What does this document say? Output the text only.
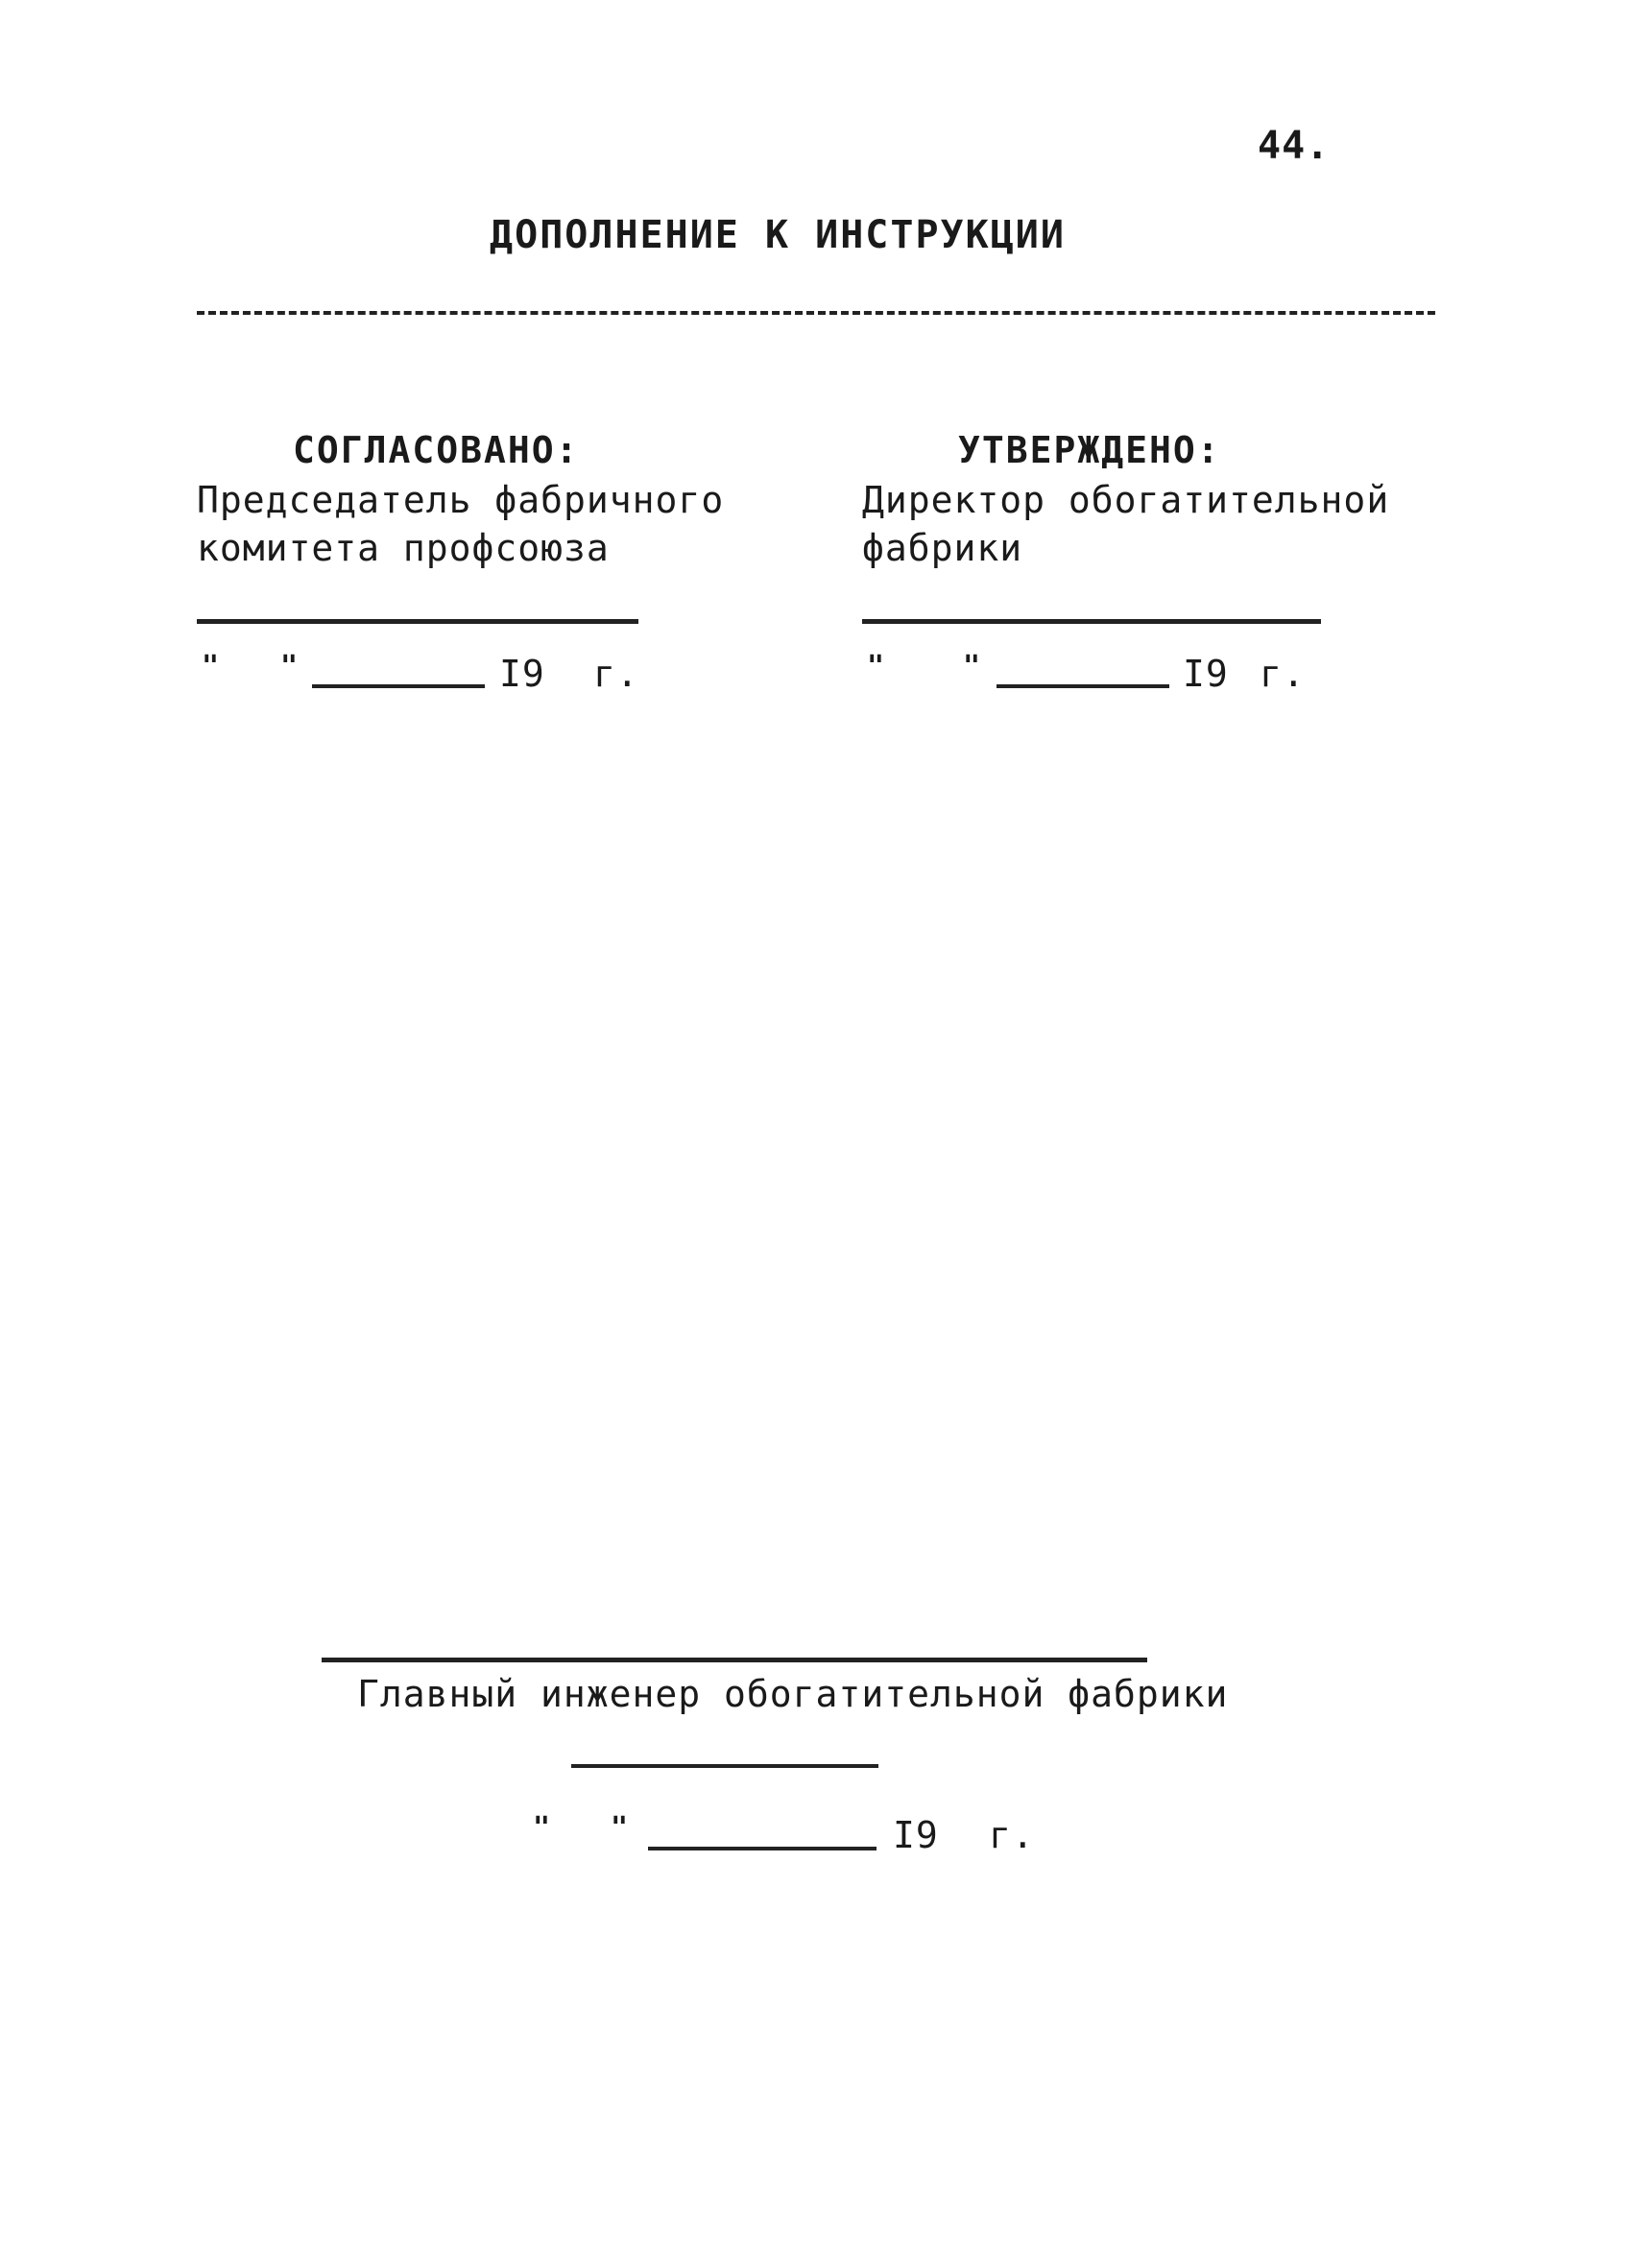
44.
ДОПОЛНЕНИЕ К ИНСТРУКЦИИ
СОГЛАСОВАНО:
Председатель фабричного
комитета профсоюза
" "	I9 г.
УТВЕРЖДЕНО:
Директор обогатительной
фабрики
"	"	I9 г.
Главный инженер обогатительной фабрики
" "	I9 г.
